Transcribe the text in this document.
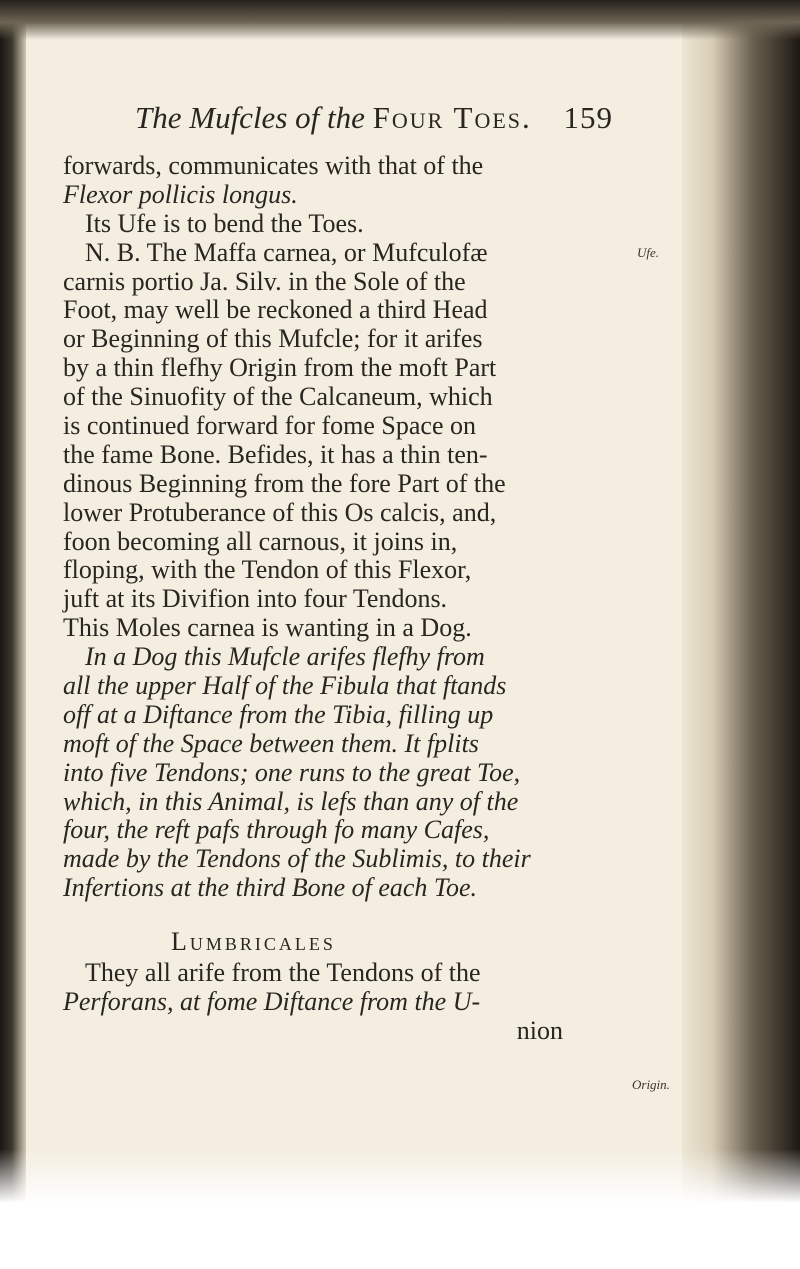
The Mufcles of the Four Toes. 159
Ufe.
Origin.
forwards, communicates with that of the
Flexor pollicis longus.
Its Ufe is to bend the Toes.
N. B. The Maffa carnea, or Mufculofæ
carnis portio Ja. Silv. in the Sole of the
Foot, may well be reckoned a third Head
or Beginning of this Mufcle; for it arifes
by a thin flefhy Origin from the moft Part
of the Sinuofity of the Calcaneum, which
is continued forward for fome Space on
the fame Bone. Befides, it has a thin ten-
dinous Beginning from the fore Part of the
lower Protuberance of this Os calcis, and,
foon becoming all carnous, it joins in,
floping, with the Tendon of this Flexor,
juft at its Divifion into four Tendons.
This Moles carnea is wanting in a Dog.
In a Dog this Mufcle arifes flefhy from
all the upper Half of the Fibula that ftands
off at a Diftance from the Tibia, filling up
moft of the Space between them. It fplits
into five Tendons; one runs to the great Toe,
which, in this Animal, is lefs than any of the
four, the reft pafs through fo many Cafes,
made by the Tendons of the Sublimis, to their
Infertions at the third Bone of each Toe.
Lumbricales
They all arife from the Tendons of the
Perforans, at fome Diftance from the U-
nion
